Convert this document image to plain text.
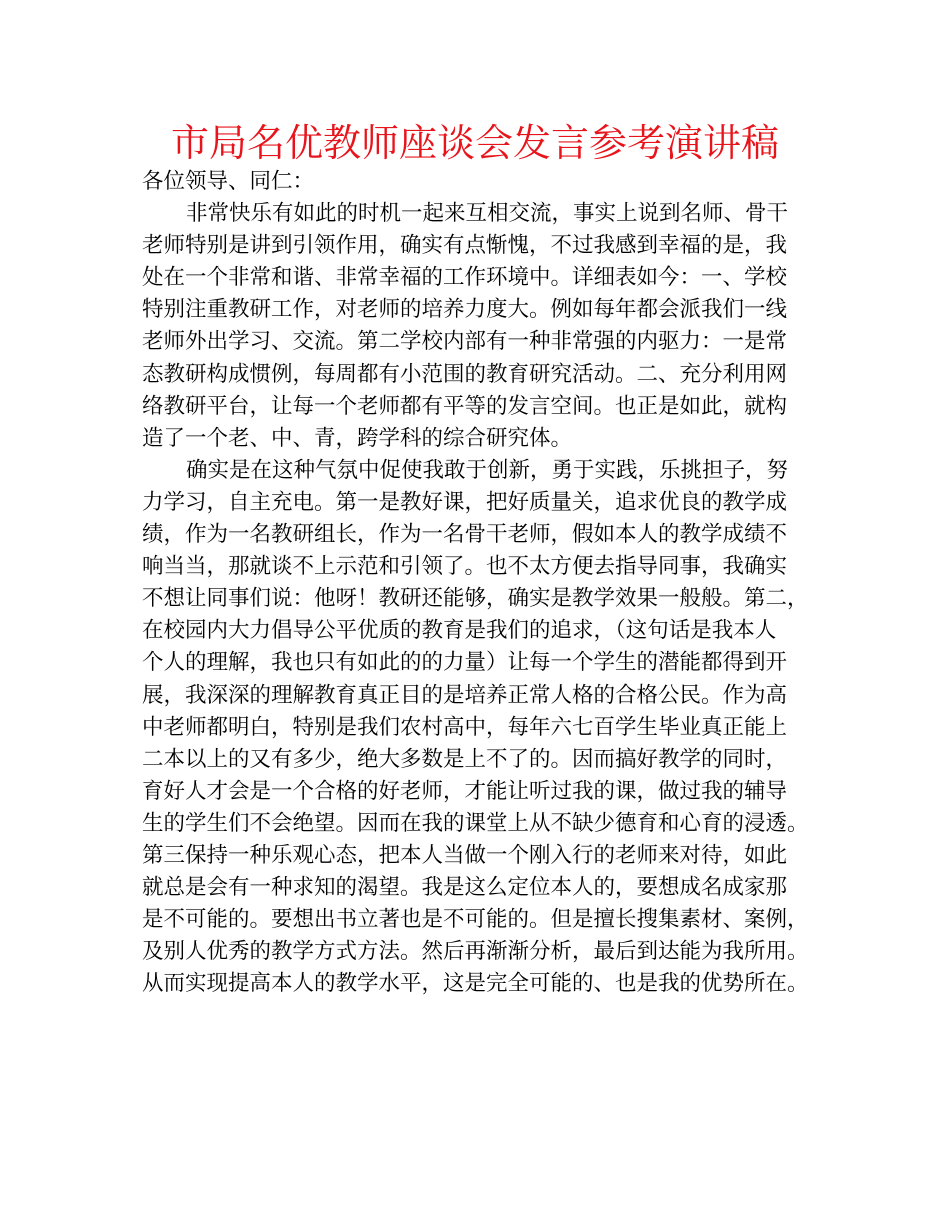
市局名优教师座谈会发言参考演讲稿

各位领导、同仁：

非常快乐有如此的时机一起来互相交流，事实上说到名师、骨干
老师特别是讲到引领作用，确实有点惭愧，不过我感到幸福的是，我
处在一个非常和谐、非常幸福的工作环境中。详细表如今：一、学校
特别注重教研工作，对老师的培养力度大。例如每年都会派我们一线
老师外出学习、交流。第二学校内部有一种非常强的内驱力：一是常
态教研构成惯例，每周都有小范围的教育研究活动。二、充分利用网
络教研平台，让每一个老师都有平等的发言空间。也正是如此，就构
造了一个老、中、青，跨学科的综合研究体。

确实是在这种气氛中促使我敢于创新，勇于实践，乐挑担子，努
力学习，自主充电。第一是教好课，把好质量关，追求优良的教学成
绩，作为一名教研组长，作为一名骨干老师，假如本人的教学成绩不
响当当，那就谈不上示范和引领了。也不太方便去指导同事，我确实
不想让同事们说：他呀！教研还能够，确实是教学效果一般般。第二，
在校园内大力倡导公平优质的教育是我们的追求，（这句话是我本人
个人的理解，我也只有如此的的力量）让每一个学生的潜能都得到开
展，我深深的理解教育真正目的是培养正常人格的合格公民。作为高
中老师都明白，特别是我们农村高中，每年六七百学生毕业真正能上
二本以上的又有多少，绝大多数是上不了的。因而搞好教学的同时，
育好人才会是一个合格的好老师，才能让听过我的课，做过我的辅导
生的学生们不会绝望。因而在我的课堂上从不缺少德育和心育的浸透。
第三保持一种乐观心态，把本人当做一个刚入行的老师来对待，如此
就总是会有一种求知的渴望。我是这么定位本人的，要想成名成家那
是不可能的。要想出书立著也是不可能的。但是擅长搜集素材、案例，
及别人优秀的教学方式方法。然后再渐渐分析，最后到达能为我所用。
从而实现提高本人的教学水平，这是完全可能的、也是我的优势所在。
